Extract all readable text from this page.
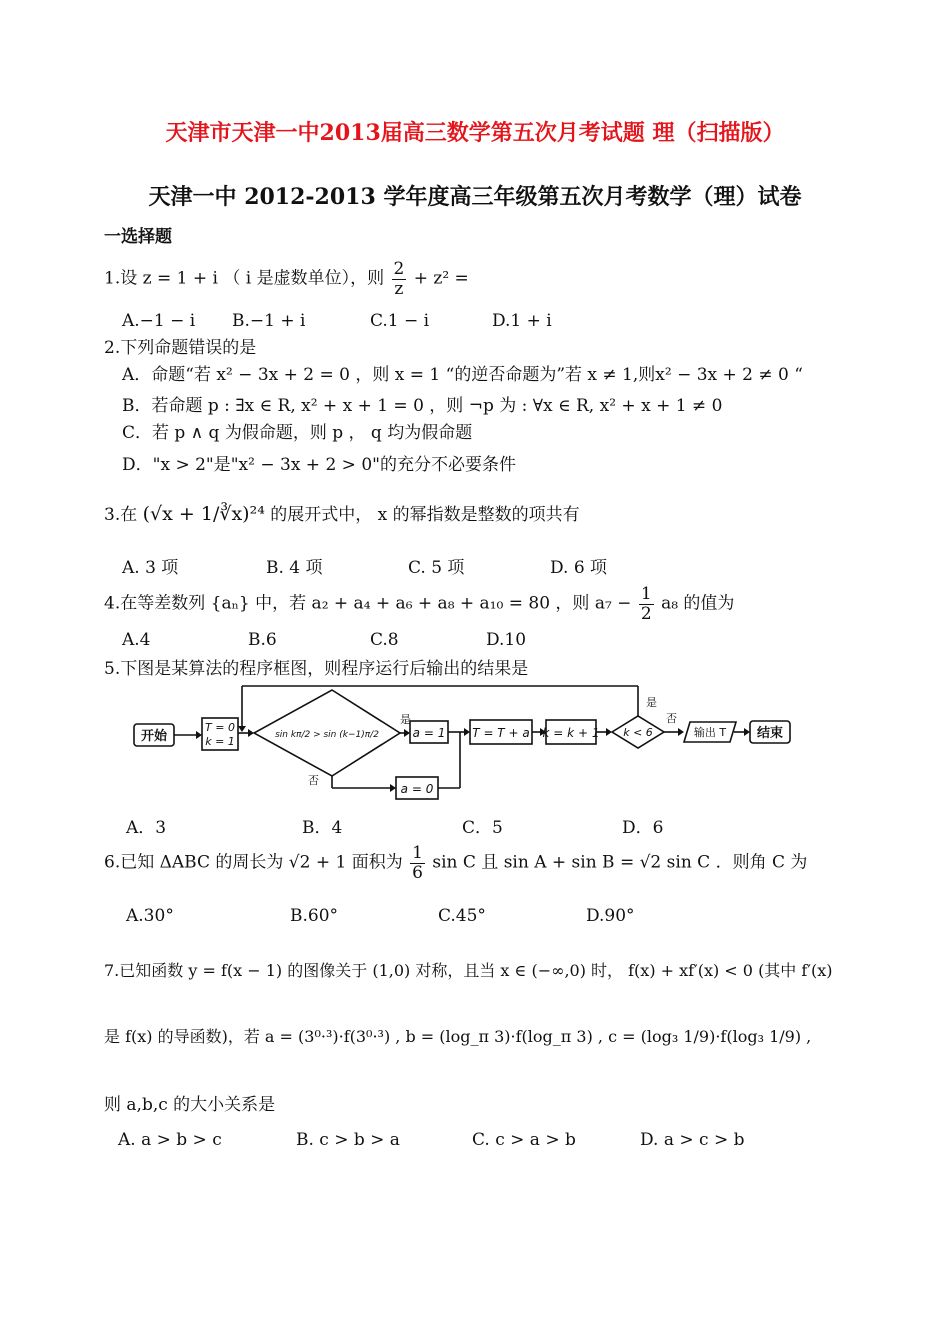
天津市天津一中2013届高三数学第五次月考试题 理（扫描版）
天津一中 2012-2013 学年度高三年级第五次月考数学（理）试卷
一选择题
1.设 z = 1 + i （ i 是虚数单位），则 $\frac{2}{z} + z^2$ =
A.−1 − i B.−1 + i	C.1 − i	D.1 + i
2.下列命题错误的是
A．命题“若 x² − 3x + 2 = 0 ，则 x = 1 “的逆否命题为”若 x ≠ 1,则x² − 3x + 2 ≠ 0 “
B．若命题 p : ∃x ∈ R, x² + x + 1 = 0 ，则 ¬p 为 : ∀x ∈ R, x² + x + 1 ≠ 0
C．若 p ∧ q 为假命题，则 p ， q 均为假命题
D．"x > 2"是"x² − 3x + 2 > 0"的充分不必要条件
3.在 (√x + 1/∛x)²⁴ 的展开式中， x 的幂指数是整数的项共有
A. 3 项	B. 4 项	C. 5 项	D. 6 项
4.在等差数列 {aₙ} 中，若 a₂ + a₄ + a₆ + a₈ + a₁₀ = 80 ，则 $a_7 - \frac{1}{2} a_8$ 的值为
A.4	B.6	C.8	D.10
5.下图是某算法的程序框图，则程序运行后输出的结果是
开始
T = 0
k = 1	sin kπ/2 > sin (k−1)π/2
是
a = 1
否
a = 0
T = T + a k = k + 1 k < 6
是
否
输出 T 结束
A．3	B．4	C．5	D．6
6.已知 ΔABC 的周长为 √2 + 1 面积为 $\frac{1}{6}$ sin C 且 sin A + sin B = √2 sin C ．则角 C 为
A.30°	B.60°	C.45°	D.90°
7.已知函数 y = f(x − 1) 的图像关于 (1,0) 对称，且当 x ∈ (−∞,0) 时， f(x) + xf′(x) < 0 (其中 f′(x)
是 f(x) 的导函数)，若 a = (3⁰·³)·f(3⁰·³) , b = (log_π 3)·f(log_π 3) , c = (log₃ 1/9)·f(log₃ 1/9) ,
则 a,b,c 的大小关系是
A. a > b > c	B. c > b > a	C. c > a > b	D. a > c > b
